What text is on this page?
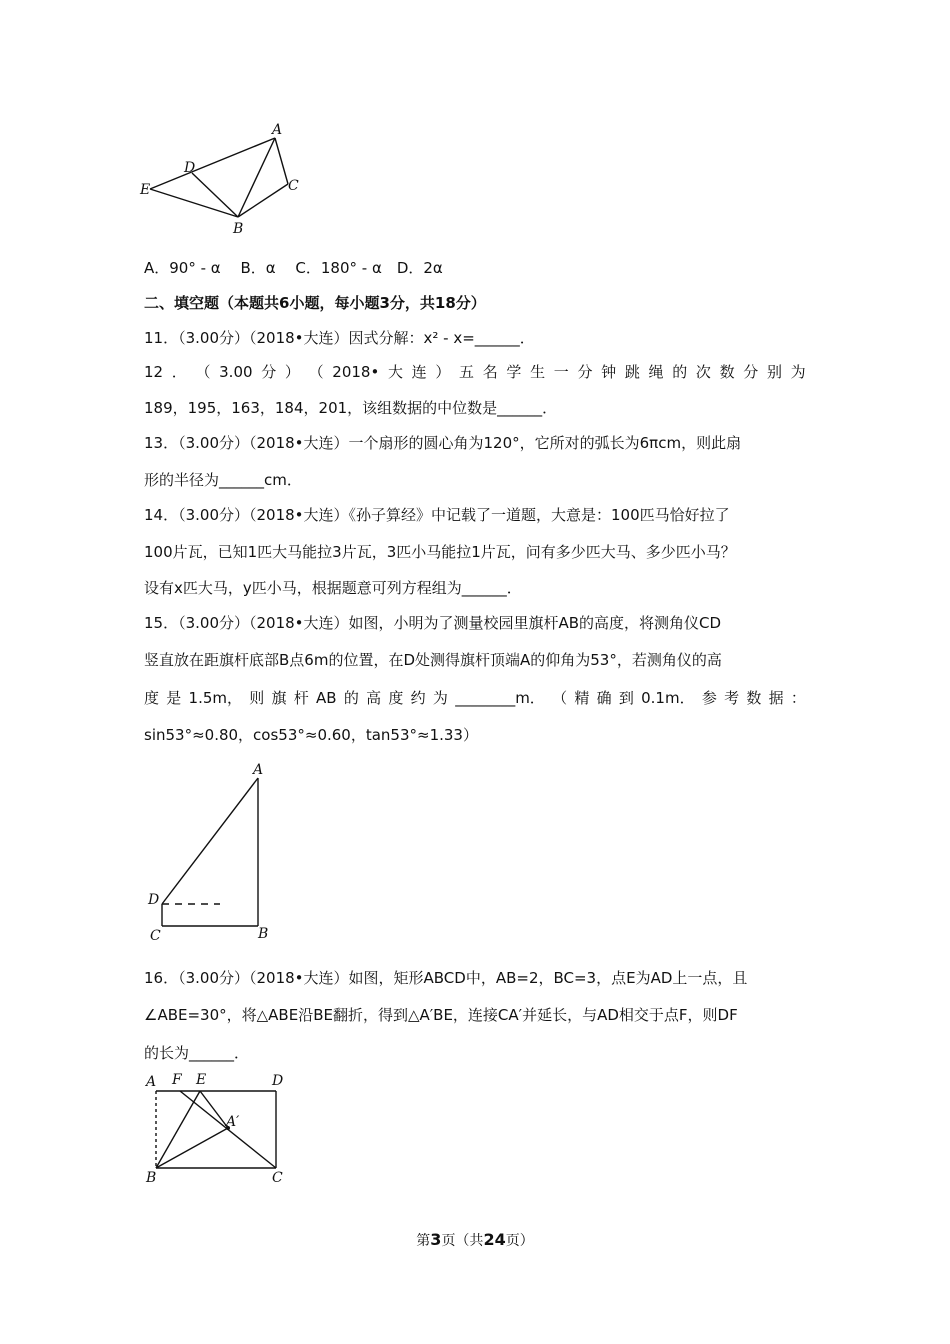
A
D
E	C
B
A．90° - α　 B．α　 C．180° - α　D．2α
二、填空题（本题共6小题，每小题3分，共18分）
11．（3.00分）（2018•大连）因式分解：x² - x=______．
12 ． （ 3.00 分 ） （ 2018• 大 连 ） 五 名 学 生 一 分 钟 跳 绳 的 次 数 分 别 为
189，195，163，184，201，该组数据的中位数是______．
13．（3.00分）（2018•大连）一个扇形的圆心角为120°，它所对的弧长为6πcm，则此扇
形的半径为______cm．
14．（3.00分）（2018•大连）《孙子算经》中记载了一道题，大意是：100匹马恰好拉了
100片瓦，已知1匹大马能拉3片瓦，3匹小马能拉1片瓦，问有多少匹大马、多少匹小马？
设有x匹大马，y匹小马，根据题意可列方程组为______．
15．（3.00分）（2018•大连）如图，小明为了测量校园里旗杆AB的高度，将测角仪CD
竖直放在距旗杆底部B点6m的位置，在D处测得旗杆顶端A的仰角为53°，若测角仪的高
度 是 1.5m， 则 旗 杆 AB 的 高 度 约 为 ________m． （ 精 确 到 0.1m． 参 考 数 据 ：
sin53°≈0.80，cos53°≈0.60，tan53°≈1.33）
A
D
C	B
16．（3.00分）（2018•大连）如图，矩形ABCD中，AB=2，BC=3，点E为AD上一点，且
∠ABE=30°，将△ABE沿BE翻折，得到△A′BE，连接CA′并延长，与AD相交于点F，则DF
的长为______．
A F E	D
A′
B	C
第3页（共24页）
